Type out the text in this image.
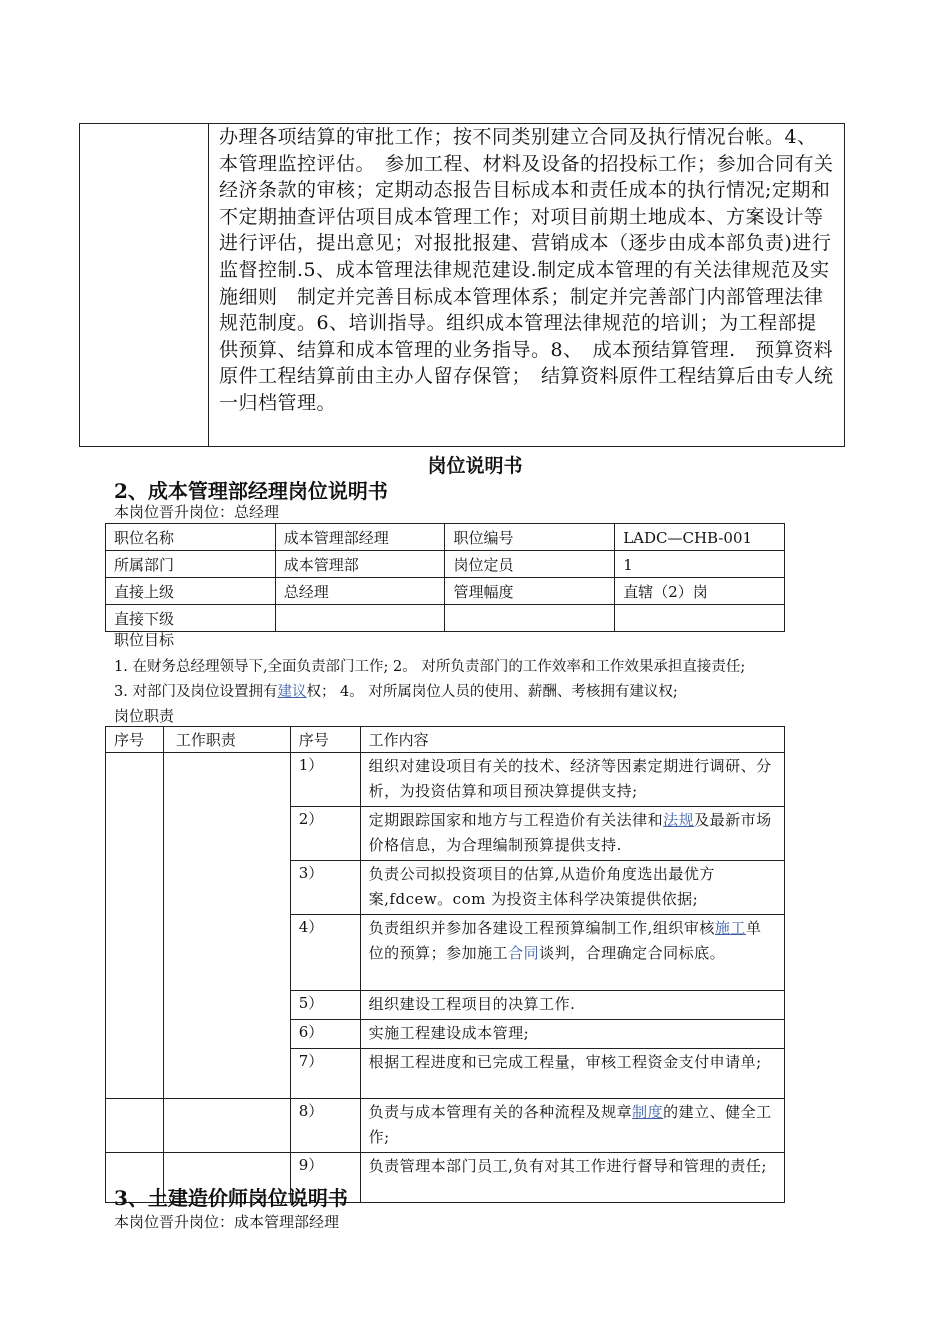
	办理各项结算的审批工作；按不同类别建立合同及执行情况台帐。4、本管理监控评估。　参加工程、材料及设备的招投标工作；参加合同有关经济条款的审核；定期动态报告目标成本和责任成本的执行情况;定期和不定期抽查评估项目成本管理工作；对项目前期土地成本、方案设计等进行评估，提出意见；对报批报建、营销成本（逐步由成本部负责)进行监督控制.5、成本管理法律规范建设.制定成本管理的有关法律规范及实施细则　制定并完善目标成本管理体系；制定并完善部门内部管理法律规范制度。6、培训指导。组织成本管理法律规范的培训；为工程部提供预算、结算和成本管理的业务指导。8、　成本预结算管理.　预算资料原件工程结算前由主办人留存保管；　结算资料原件工程结算后由专人统一归档管理。
岗位说明书
2、成本管理部经理岗位说明书
本岗位晋升岗位：总经理
职位名称	成本管理部经理	职位编号	LADC—CHB-001
所属部门	成本管理部	岗位定员	1
直接上级	总经理	管理幅度	直辖（2）岗
直接下级			
职位目标
1. 在财务总经理领导下,全面负责部门工作; 2。 对所负责部门的工作效率和工作效果承担直接责任;
3. 对部门及岗位设置拥有建议权； 4。 对所属岗位人员的使用、薪酬、考核拥有建议权;
岗位职责
序号	工作职责	序号	工作内容
		1）	组织对建设项目有关的技术、经济等因素定期进行调研、分析，为投资估算和项目预决算提供支持;
		2）	定期跟踪国家和地方与工程造价有关法律和法规及最新市场价格信息，为合理编制预算提供支持.
		3）	负责公司拟投资项目的估算,从造价角度选出最优方案,fdcew。com 为投资主体科学决策提供依据;
		4）	负责组织并参加各建设工程预算编制工作,组织审核施工单位的预算；参加施工合同谈判，合理确定合同标底。
		5）	组织建设工程项目的决算工作.
		6）	实施工程建设成本管理;
		7）	根据工程进度和已完成工程量，审核工程资金支付申请单;
		8）	负责与成本管理有关的各种流程及规章制度的建立、健全工作;
		9）	负责管理本部门员工,负有对其工作进行督导和管理的责任;
3、土建造价师岗位说明书
本岗位晋升岗位：成本管理部经理
